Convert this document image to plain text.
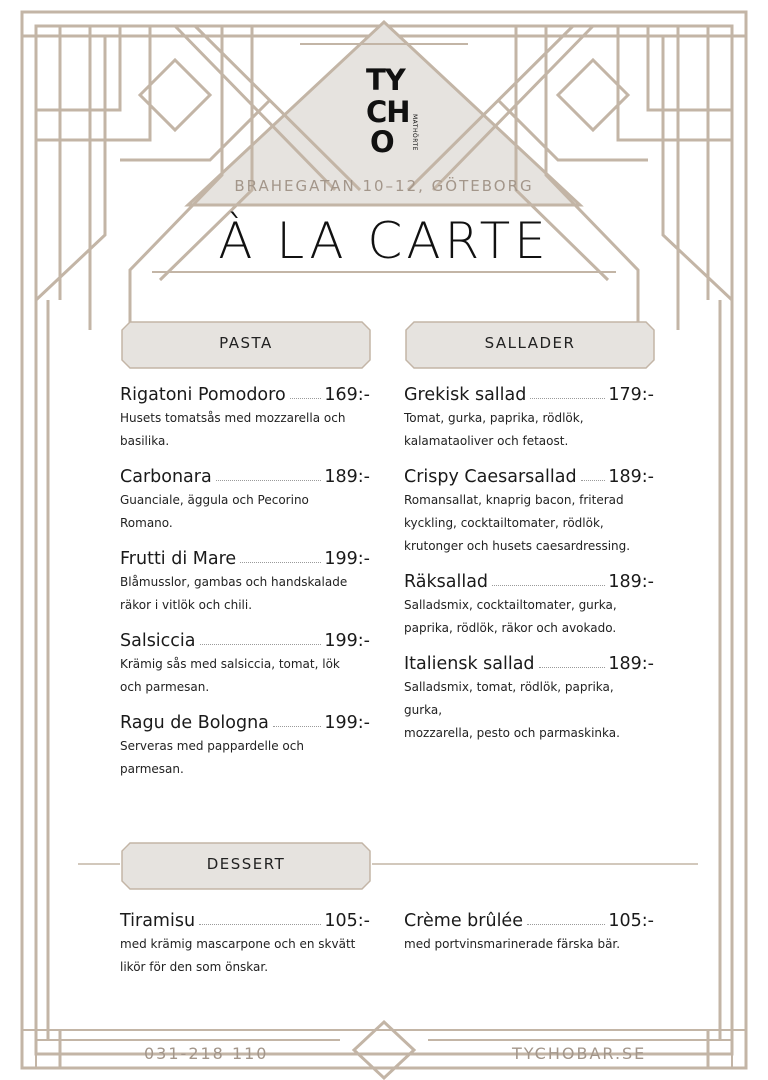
TY
CH
O	MATHÖRTE
BRAHEGATAN 10–12, GÖTEBORG
À LA CARTE
PASTA	SALLADER
DESSERT
Rigatoni Pomodoro 169:-
Husets tomatsås med mozzarella och
basilika.
Carbonara	189:-
Guanciale, äggula och Pecorino
Romano.
Frutti di Mare	199:-
Blåmusslor, gambas och handskalade
räkor i vitlök och chili.
Salsiccia	199:-
Krämig sås med salsiccia, tomat, lök
och parmesan.
Ragu de Bologna	199:-
Serveras med pappardelle och
parmesan.
Grekisk sallad	179:-
Tomat, gurka, paprika, rödlök,
kalamataoliver och fetaost.
Crispy Caesarsallad 189:-
Romansallat, knaprig bacon, friterad
kyckling, cocktailtomater, rödlök,
krutonger och husets caesardressing.
Räksallad	189:-
Salladsmix, cocktailtomater, gurka,
paprika, rödlök, räkor och avokado.
Italiensk sallad	189:-
Salladsmix, tomat, rödlök, paprika, gurka,
mozzarella, pesto och parmaskinka.
Tiramisu	105:-
med krämig mascarpone och en skvätt
likör för den som önskar.
Crème brûlée	105:-
med portvinsmarinerade färska bär.
031-218 110	TYCHOBAR.SE
